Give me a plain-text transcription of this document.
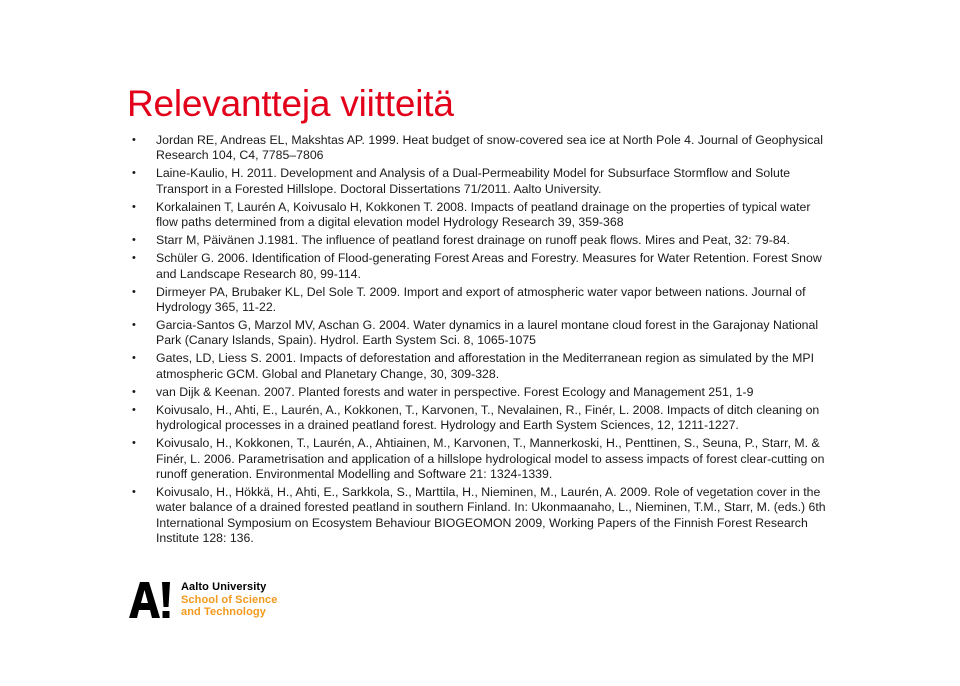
Relevantteja viitteitä
•	Jordan RE, Andreas EL, Makshtas AP. 1999. Heat budget of snow-covered sea ice at North Pole 4. Journal of Geophysical Research 104, C4, 7785–7806
•	Laine-Kaulio, H. 2011. Development and Analysis of a Dual-Permeability Model for Subsurface Stormflow and Solute Transport in a Forested Hillslope. Doctoral Dissertations 71/2011. Aalto University.
•	Korkalainen T, Laurén A, Koivusalo H, Kokkonen T. 2008. Impacts of peatland drainage on the properties of typical water flow paths determined from a digital elevation model Hydrology Research 39, 359-368
•	Starr M, Päivänen J.1981. The influence of peatland forest drainage on runoff peak flows. Mires and Peat, 32: 79-84.
•	Schüler G. 2006. Identification of Flood-generating Forest Areas and Forestry. Measures for Water Retention. Forest Snow and Landscape Research 80, 99-114.
•	Dirmeyer PA, Brubaker KL, Del Sole T. 2009. Import and export of atmospheric water vapor between nations. Journal of Hydrology 365, 11-22.
•	Garcia-Santos G, Marzol MV, Aschan G. 2004. Water dynamics in a laurel montane cloud forest in the Garajonay National Park (Canary Islands, Spain). Hydrol. Earth System Sci. 8, 1065-1075
•	Gates, LD, Liess S. 2001. Impacts of deforestation and afforestation in the Mediterranean region as simulated by the MPI atmospheric GCM. Global and Planetary Change, 30, 309-328.
•	van Dijk & Keenan. 2007. Planted forests and water in perspective. Forest Ecology and Management 251, 1-9
•	Koivusalo, H., Ahti, E., Laurén, A., Kokkonen, T., Karvonen, T., Nevalainen, R., Finér, L. 2008. Impacts of ditch cleaning on hydrological processes in a drained peatland forest. Hydrology and Earth System Sciences, 12, 1211-1227.
•	Koivusalo, H., Kokkonen, T., Laurén, A., Ahtiainen, M., Karvonen, T., Mannerkoski, H., Penttinen, S., Seuna, P., Starr, M. & Finér, L. 2006. Parametrisation and application of a hillslope hydrological model to assess impacts of forest clear-cutting on runoff generation. Environmental Modelling and Software 21: 1324-1339.
•	Koivusalo, H., Hökkä, H., Ahti, E., Sarkkola, S., Marttila, H., Nieminen, M., Laurén, A. 2009. Role of vegetation cover in the water balance of a drained forested peatland in southern Finland. In: Ukonmaanaho, L., Nieminen, T.M., Starr, M. (eds.) 6th International Symposium on Ecosystem Behaviour BIOGEOMON 2009, Working Papers of the Finnish Forest Research Institute 128: 136.
Aalto University
School of Science
and Technology
